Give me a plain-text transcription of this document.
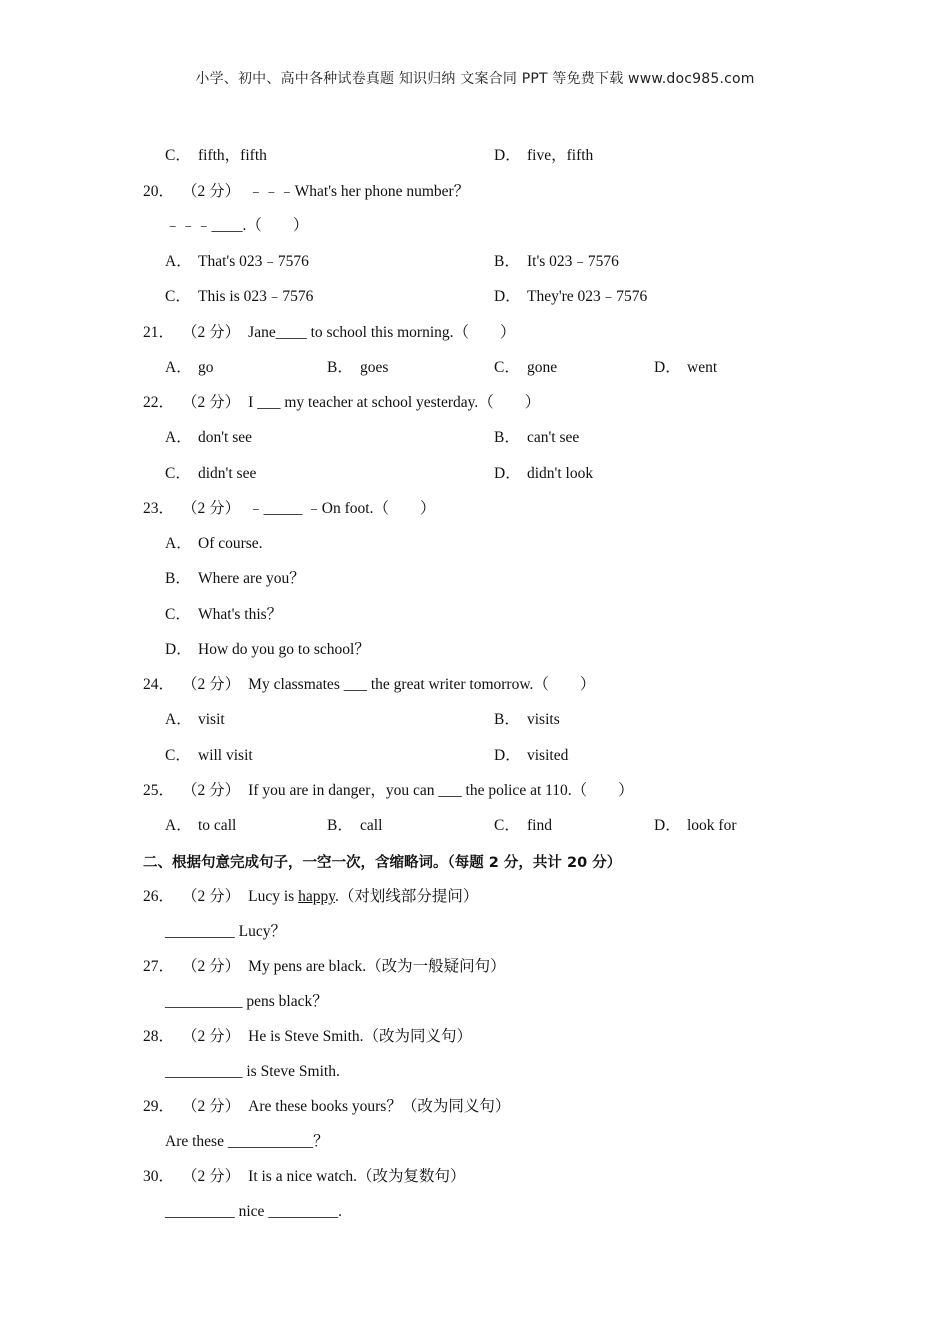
小学、初中、高中各种试卷真题 知识归纳 文案合同 PPT 等免费下载 www.doc985.com
C． fifth，fifth	D． five，fifth
20． （2 分） ﹣﹣﹣What's her phone number？
﹣﹣﹣____.（　　）
A． That's 023﹣7576	B． It's 023﹣7576
C． This is 023﹣7576	D． They're 023﹣7576
21． （2 分） Jane____ to school this morning.（　　）
A． go	B． goes	C． gone	D． went
22． （2 分） I ___ my teacher at school yesterday.（　　）
A． don't see	B． can't see
C． didn't see	D． didn't look
23． （2 分） ﹣_____ ﹣On foot.（　　）
A． Of course.
B． Where are you？
C． What's this？
D． How do you go to school？
24． （2 分） My classmates ___ the great writer tomorrow.（　　）
A． visit	B． visits
C． will visit	D． visited
25． （2 分） If you are in danger，you can ___ the police at 110.（　　）
A． to call	B． call	C． find	D． look for
二、根据句意完成句子，一空一次，含缩略词。（每题 2 分，共计 20 分）
26． （2 分） Lucy is happy.（对划线部分提问）
_________ Lucy？
27． （2 分） My pens are black.（改为一般疑问句）
__________ pens black？
28． （2 分） He is Steve Smith.（改为同义句）
__________ is Steve Smith.
29． （2 分） Are these books yours？（改为同义句）
Are these ___________？
30． （2 分） It is a nice watch.（改为复数句）
_________ nice _________.
